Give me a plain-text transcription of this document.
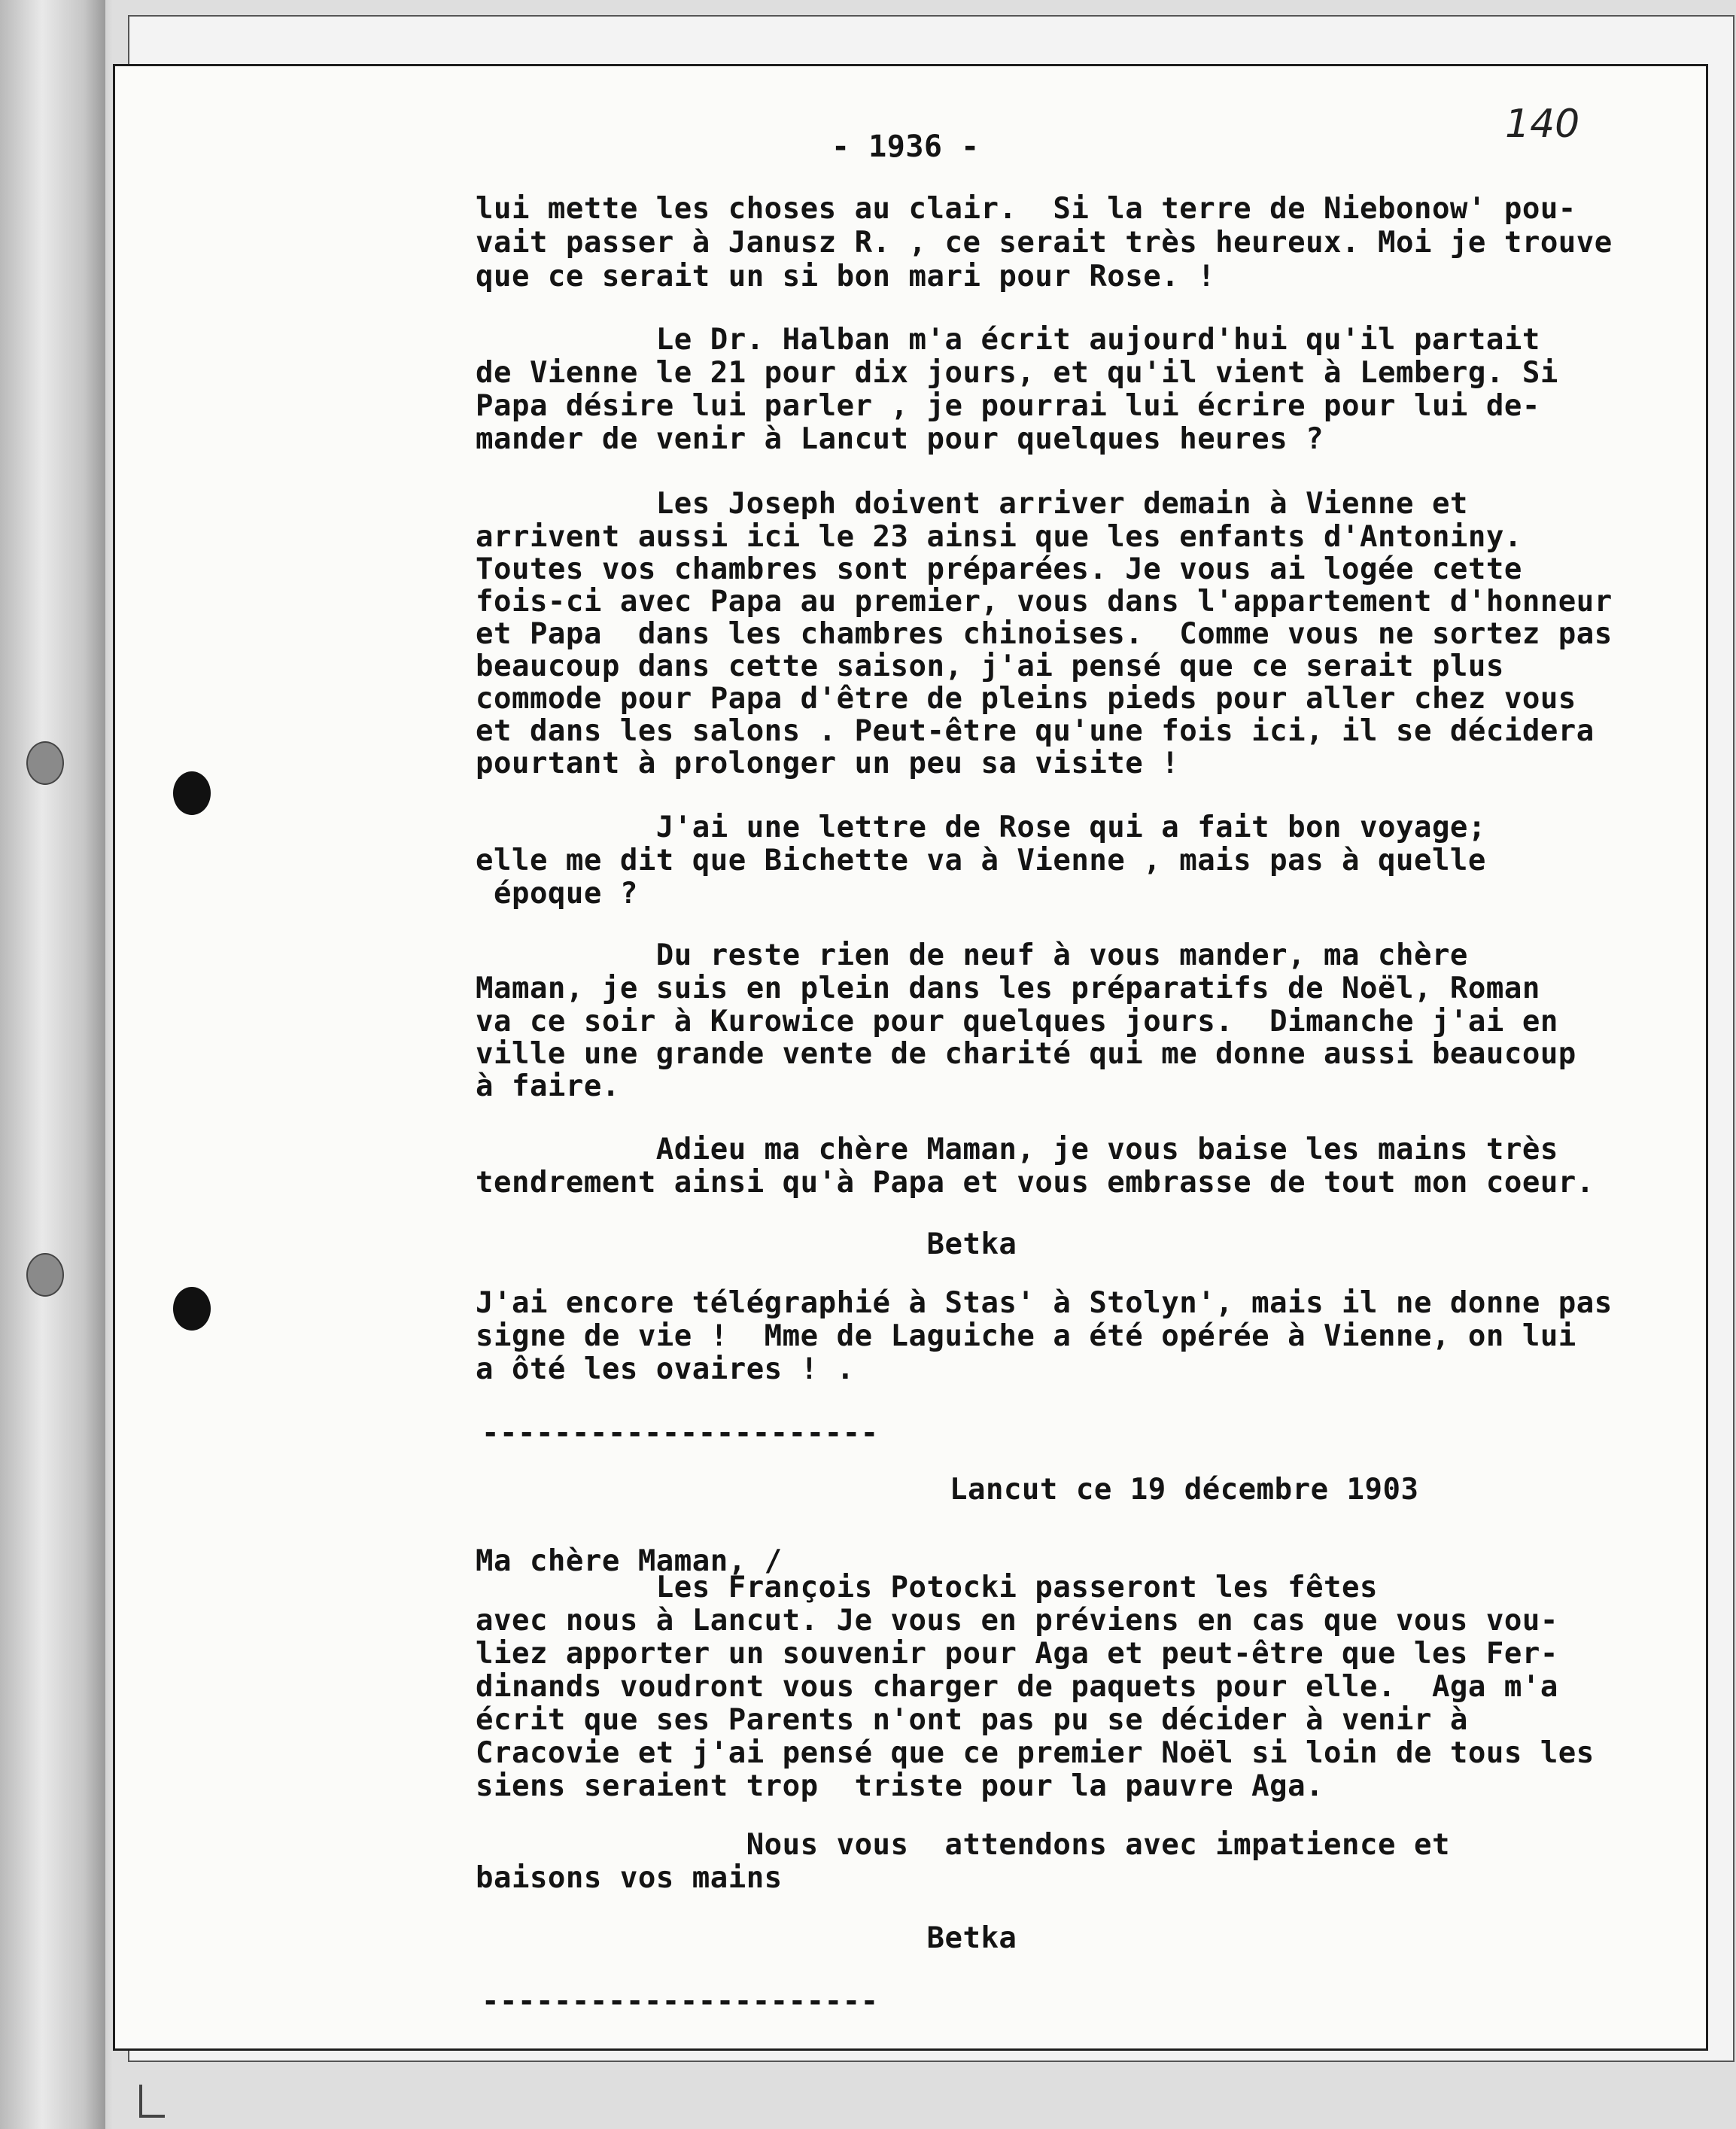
- 1936 -	140
lui mette les choses au clair.  Si la terre de Niebonow' pou-
vait passer à Janusz R. , ce serait très heureux. Moi je trouve
que ce serait un si bon mari pour Rose. !
Le Dr. Halban m'a écrit aujourd'hui qu'il partait
de Vienne le 21 pour dix jours, et qu'il vient à Lemberg. Si
Papa désire lui parler , je pourrai lui écrire pour lui de-
mander de venir à Lancut pour quelques heures ?
Les Joseph doivent arriver demain à Vienne et
arrivent aussi ici le 23 ainsi que les enfants d'Antoniny.
Toutes vos chambres sont préparées. Je vous ai logée cette
fois-ci avec Papa au premier, vous dans l'appartement d'honneur
et Papa  dans les chambres chinoises.  Comme vous ne sortez pas
beaucoup dans cette saison, j'ai pensé que ce serait plus
commode pour Papa d'être de pleins pieds pour aller chez vous
et dans les salons . Peut-être qu'une fois ici, il se décidera
pourtant à prolonger un peu sa visite !
J'ai une lettre de Rose qui a fait bon voyage;
elle me dit que Bichette va à Vienne , mais pas à quelle
époque ?
Du reste rien de neuf à vous mander, ma chère
Maman, je suis en plein dans les préparatifs de Noël, Roman
va ce soir à Kurowice pour quelques jours.  Dimanche j'ai en
ville une grande vente de charité qui me donne aussi beaucoup
à faire.
Adieu ma chère Maman, je vous baise les mains très
tendrement ainsi qu'à Papa et vous embrasse de tout mon coeur.
Betka
J'ai encore télégraphié à Stas' à Stolyn', mais il ne donne pas
signe de vie !  Mme de Laguiche a été opérée à Vienne, on lui
a ôté les ovaires ! .
----------------------
Lancut ce 19 décembre 1903
Ma chère Maman, /
Les François Potocki passeront les fêtes
avec nous à Lancut. Je vous en préviens en cas que vous vou-
liez apporter un souvenir pour Aga et peut-être que les Fer-
dinands voudront vous charger de paquets pour elle.  Aga m'a
écrit que ses Parents n'ont pas pu se décider à venir à
Cracovie et j'ai pensé que ce premier Noël si loin de tous les
siens seraient trop  triste pour la pauvre Aga.
Nous vous  attendons avec impatience et
baisons vos mains
Betka
----------------------
